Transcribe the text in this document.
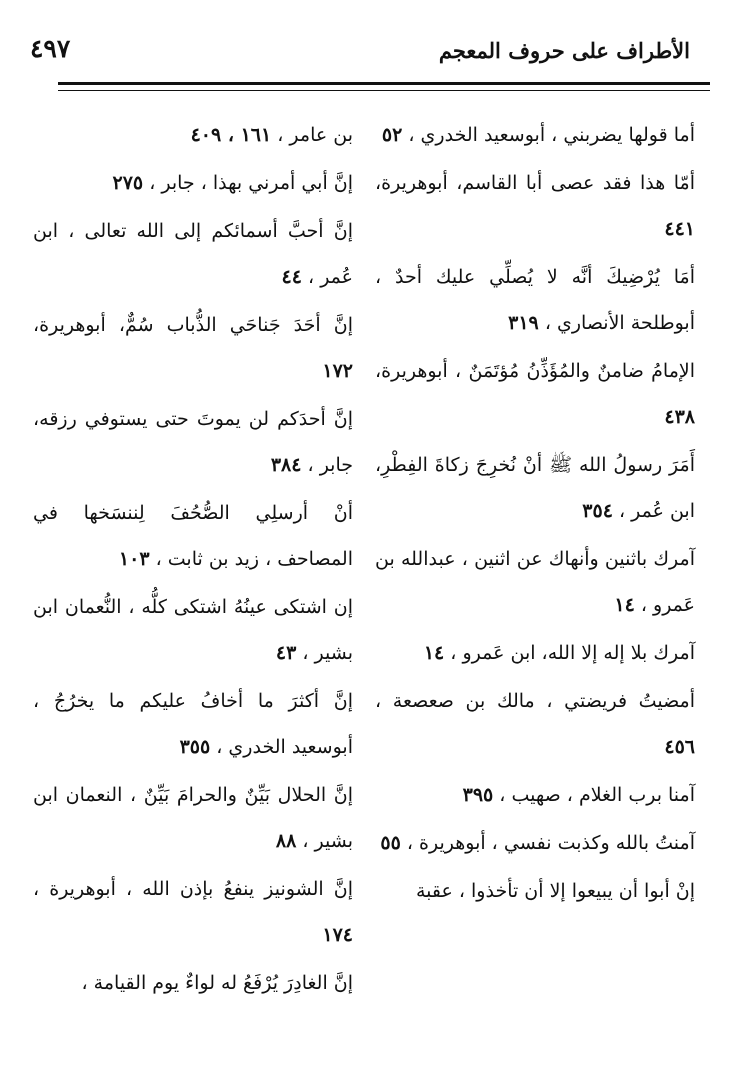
الأطراف على حروف المعجم
٤٩٧

أما قولها يضربني ، أبوسعيد الخدري ، ٥٢

أمّا هذا فقد عصى أبا القاسم، أبوهريرة، ٤٤١

أمَا يُرْضِيكَ أنَّه لا يُصلِّي عليك أحدٌ ، أبوطلحة الأنصاري ، ٣١٩

الإمامُ ضامنٌ والمُؤَذِّنُ مُؤتَمَنٌ ، أبوهريرة، ٤٣٨

أَمَرَ رسولُ الله ﷺ أنْ نُخرِجَ زكاةَ الفِطْرِ، ابن عُمر ، ٣٥٤

آمرك باثنين وأنهاك عن اثنين ، عبدالله بن عَمرو ، ١٤

آمرك بلا إله إلا الله، ابن عَمرو ، ١٤

أمضيتُ فريضتي ، مالك بن صعصعة ، ٤٥٦

آمنا برب الغلام ، صهيب ، ٣٩٥

آمنتُ بالله وكذبت نفسي ، أبوهريرة ، ٥٥

إنْ أبوا أن يبيعوا إلا أن تأخذوا ، عقبة

بن عامر ، ١٦١ ، ٤٠٩

إنَّ أبي أمرني بهذا ، جابر ، ٢٧٥

إنَّ أحبَّ أسمائكم إلى الله تعالى ، ابن عُمر ، ٤٤

إنَّ أحَدَ جَناحَي الذُّباب سُمٌّ، أبوهريرة، ١٧٢

إنَّ أحدَكم لن يموتَ حتى يستوفي رزقه، جابر ، ٣٨٤

أنْ أرسلِي الصُّحُفَ لِننسَخها في المصاحف ، زيد بن ثابت ، ١٠٣

إن اشتكى عينُهُ اشتكى كلُّه ، النُّعمان ابن بشير ، ٤٣

إنَّ أكثرَ ما أخافُ عليكم ما يخرُجُ ، أبوسعيد الخدري ، ٣٥٥

إنَّ الحلال بَيِّنٌ والحرامَ بَيِّنٌ ، النعمان ابن بشير ، ٨٨

إنَّ الشونيز ينفعُ بإذن الله ، أبوهريرة ، ١٧٤

إنَّ الغادِرَ يُرْفَعُ له لواءٌ يوم القيامة ،
